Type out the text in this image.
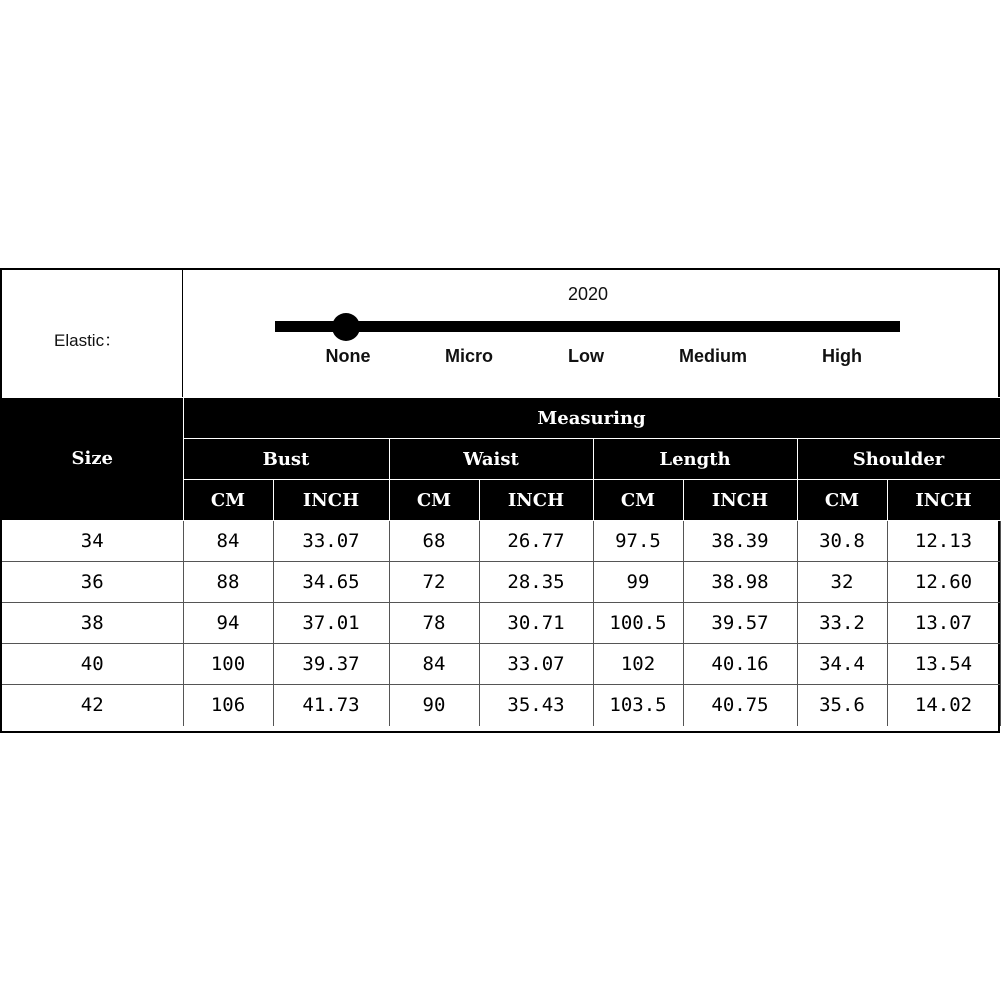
Elastic：
2020
None	Micro	Low	Medium	High
Size	Measuring							
	Bust		Waist		Length		Shoulder	
	CM	INCH	CM	INCH	CM	INCH	CM	INCH
34	84	33.07	68	26.77	97.5	38.39	30.8	12.13
36	88	34.65	72	28.35	99	38.98	32	12.60
38	94	37.01	78	30.71	100.5	39.57	33.2	13.07
40	100	39.37	84	33.07	102	40.16	34.4	13.54
42	106	41.73	90	35.43	103.5	40.75	35.6	14.02
